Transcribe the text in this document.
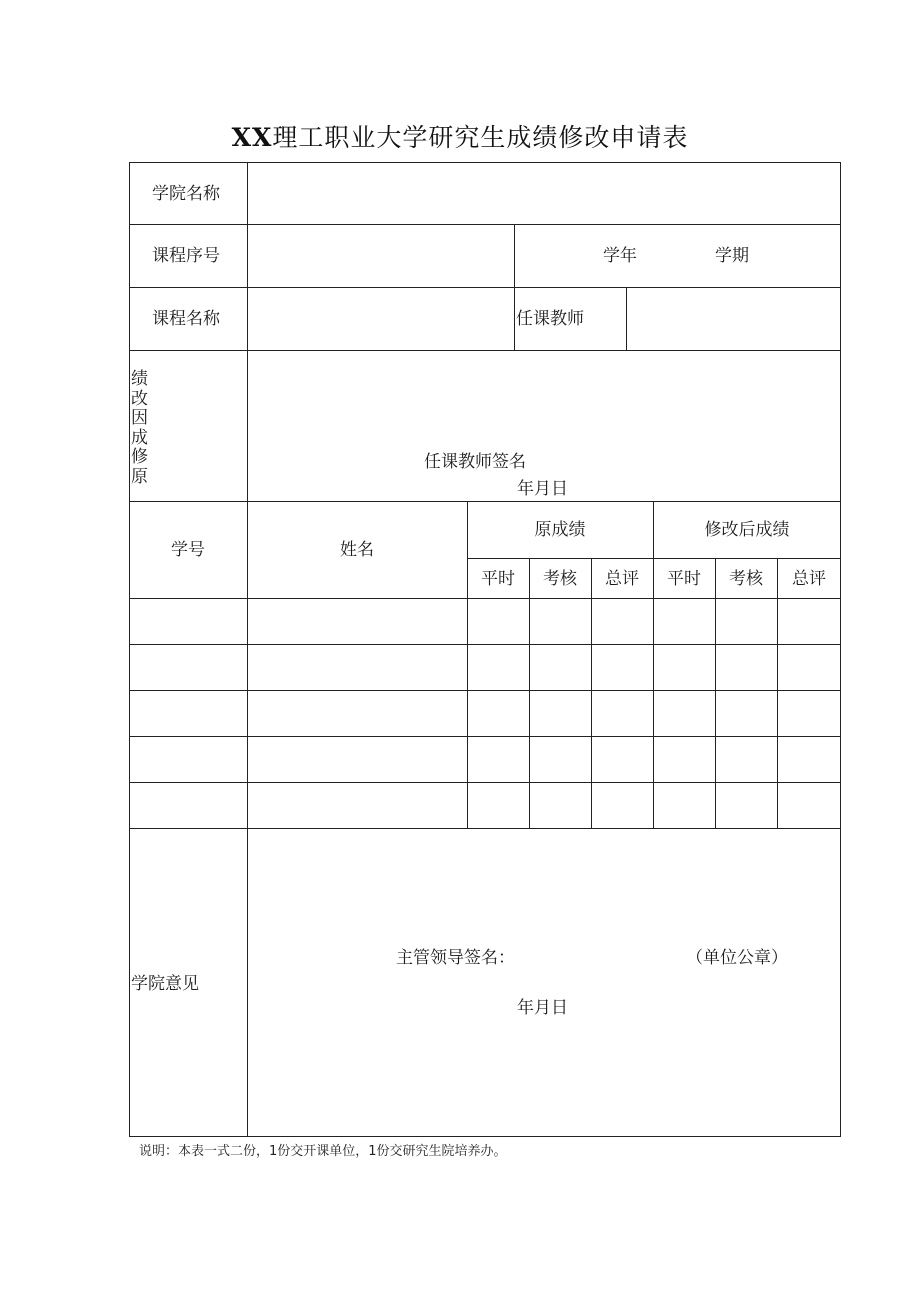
XX理工职业大学研究生成绩修改申请表
学院名称
课程序号	学年	学期
课程名称	任课教师
绩改因成修原
任课教师签名
年月日
学号	姓名
原成绩	修改后成绩
平时 考核 总评 平时 考核 总评
学院意见
主管领导签名：	（单位公章）
年月日
说明：本表一式二份，1份交开课单位，1份交研究生院培养办。
